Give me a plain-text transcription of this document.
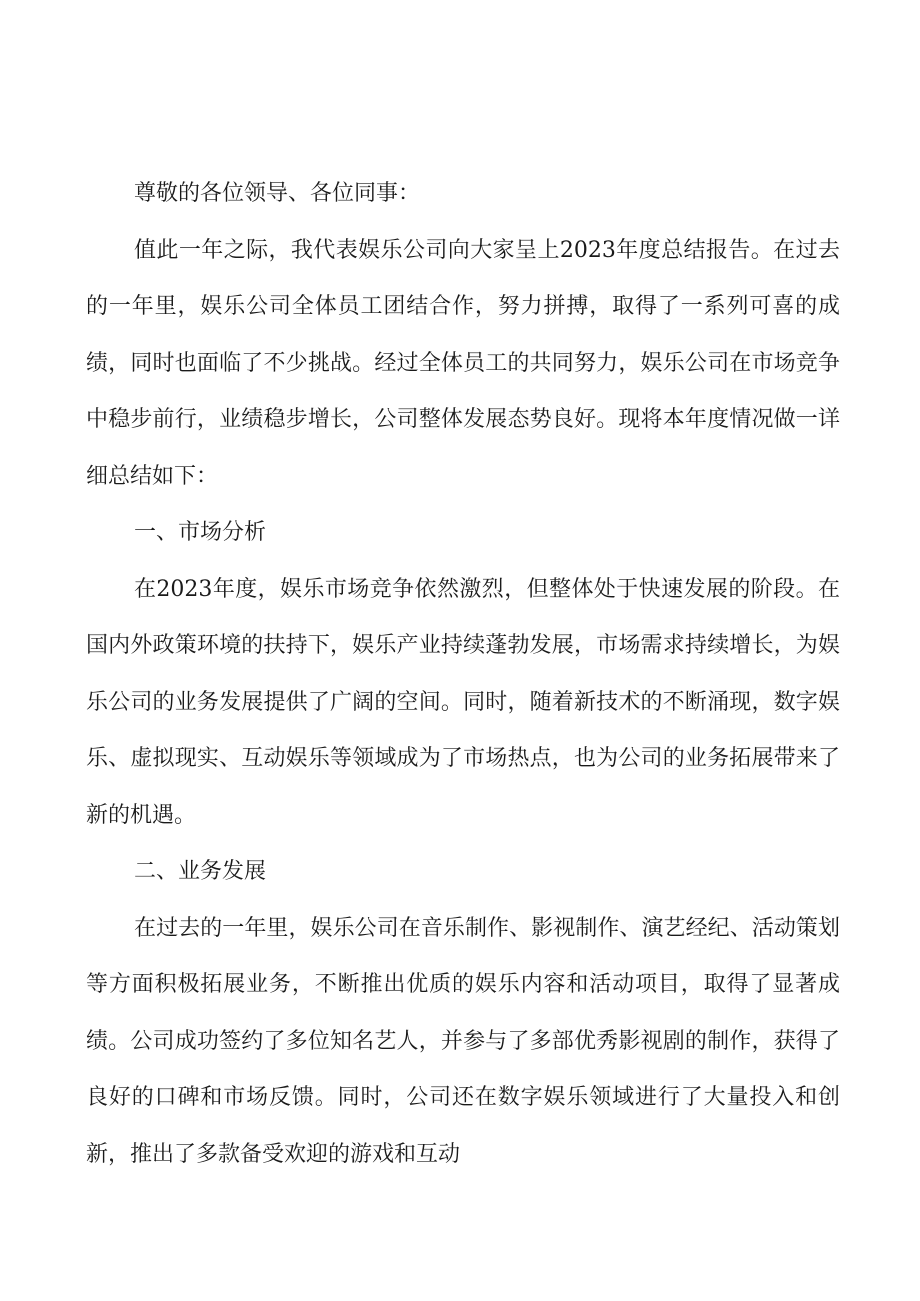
尊敬的各位领导、各位同事：

值此一年之际，我代表娱乐公司向大家呈上2023年度总结报告。在过去的一年里，娱乐公司全体员工团结合作，努力拼搏，取得了一系列可喜的成绩，同时也面临了不少挑战。经过全体员工的共同努力，娱乐公司在市场竞争中稳步前行，业绩稳步增长，公司整体发展态势良好。现将本年度情况做一详细总结如下：

一、市场分析

在2023年度，娱乐市场竞争依然激烈，但整体处于快速发展的阶段。在国内外政策环境的扶持下，娱乐产业持续蓬勃发展，市场需求持续增长，为娱乐公司的业务发展提供了广阔的空间。同时，随着新技术的不断涌现，数字娱乐、虚拟现实、互动娱乐等领域成为了市场热点，也为公司的业务拓展带来了新的机遇。

二、业务发展

在过去的一年里，娱乐公司在音乐制作、影视制作、演艺经纪、活动策划等方面积极拓展业务，不断推出优质的娱乐内容和活动项目，取得了显著成绩。公司成功签约了多位知名艺人，并参与了多部优秀影视剧的制作，获得了良好的口碑和市场反馈。同时，公司还在数字娱乐领域进行了大量投入和创新，推出了多款备受欢迎的游戏和互动
